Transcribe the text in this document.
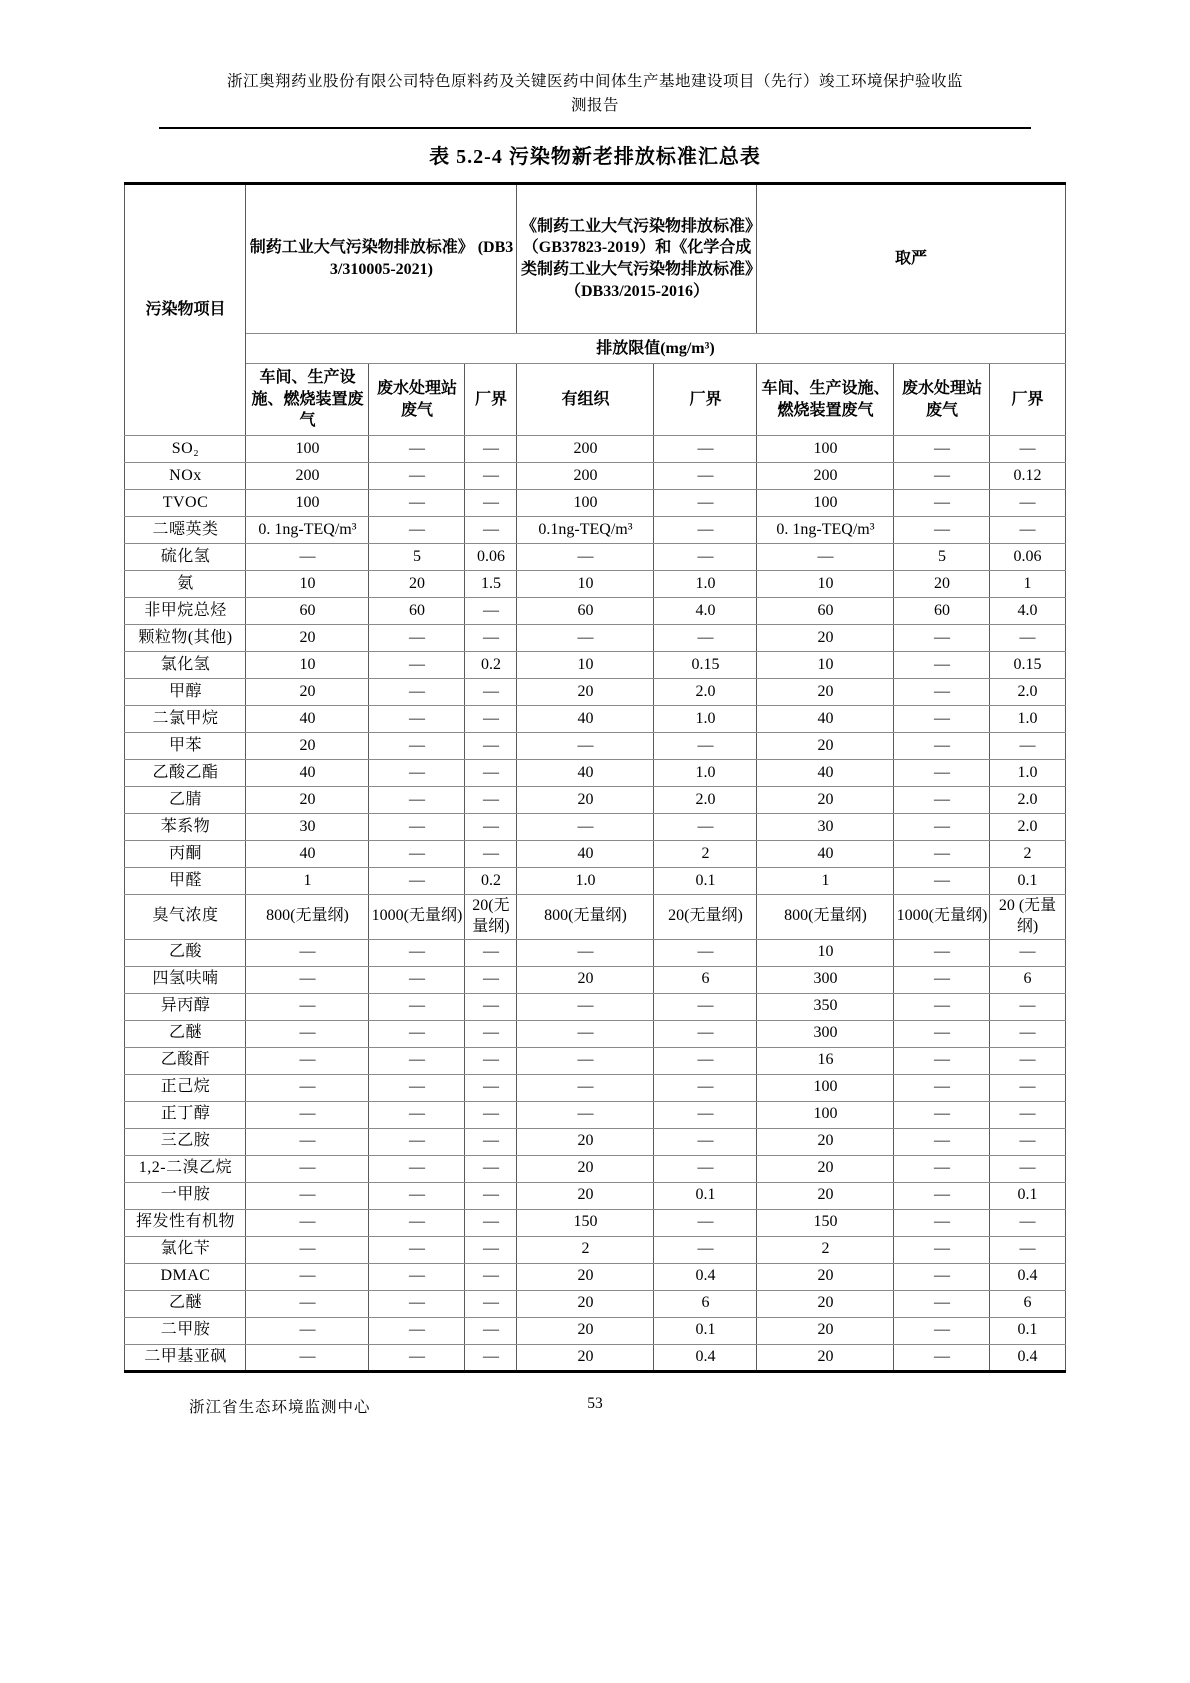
浙江奥翔药业股份有限公司特色原料药及关键医药中间体生产基地建设项目（先行）竣工环境保护验收监
测报告
表 5.2-4 污染物新老排放标准汇总表
污染物项目	制药工业大气污染物排放标准》 (DB33/310005-2021)			《制药工业大气污染物排放标准》（GB37823-2019）和《化学合成类制药工业大气污染物排放标准》（DB33/2015-2016）		取严		
	排放限值(mg/m³)							
	车间、生产设施、燃烧装置废气	废水处理站废气	厂界	有组织	厂界	车间、生产设施、燃烧装置废气	废水处理站废气	厂界
SO₂	100	—	—	200	—	100	—	—
NOx	200	—	—	200	—	200	—	0.12
TVOC	100	—	—	100	—	100	—	—
二噁英类	0. 1ng-TEQ/m³	—	—	0.1ng-TEQ/m³	—	0. 1ng-TEQ/m³	—	—
硫化氢	—	5	0.06	—	—	—	5	0.06
氨	10	20	1.5	10	1.0	10	20	1
非甲烷总烃	60	60	—	60	4.0	60	60	4.0
颗粒物(其他)	20	—	—	—	—	20	—	—
氯化氢	10	—	0.2	10	0.15	10	—	0.15
甲醇	20	—	—	20	2.0	20	—	2.0
二氯甲烷	40	—	—	40	1.0	40	—	1.0
甲苯	20	—	—	—	—	20	—	—
乙酸乙酯	40	—	—	40	1.0	40	—	1.0
乙腈	20	—	—	20	2.0	20	—	2.0
苯系物	30	—	—	—	—	30	—	2.0
丙酮	40	—	—	40	2	40	—	2
甲醛	1	—	0.2	1.0	0.1	1	—	0.1
臭气浓度	800(无量纲)	1000(无量纲)	20(无量纲)	800(无量纲)	20(无量纲)	800(无量纲)	1000(无量纲)	20 (无量纲)
乙酸	—	—	—	—	—	10	—	—
四氢呋喃	—	—	—	20	6	300	—	6
异丙醇	—	—	—	—	—	350	—	—
乙醚	—	—	—	—	—	300	—	—
乙酸酐	—	—	—	—	—	16	—	—
正己烷	—	—	—	—	—	100	—	—
正丁醇	—	—	—	—	—	100	—	—
三乙胺	—	—	—	20	—	20	—	—
1,2-二溴乙烷	—	—	—	20	—	20	—	—
一甲胺	—	—	—	20	0.1	20	—	0.1
挥发性有机物	—	—	—	150	—	150	—	—
氯化苄	—	—	—	2	—	2	—	—
DMAC	—	—	—	20	0.4	20	—	0.4
乙醚	—	—	—	20	6	20	—	6
二甲胺	—	—	—	20	0.1	20	—	0.1
二甲基亚砜	—	—	—	20	0.4	20	—	0.4
53
浙江省生态环境监测中心
